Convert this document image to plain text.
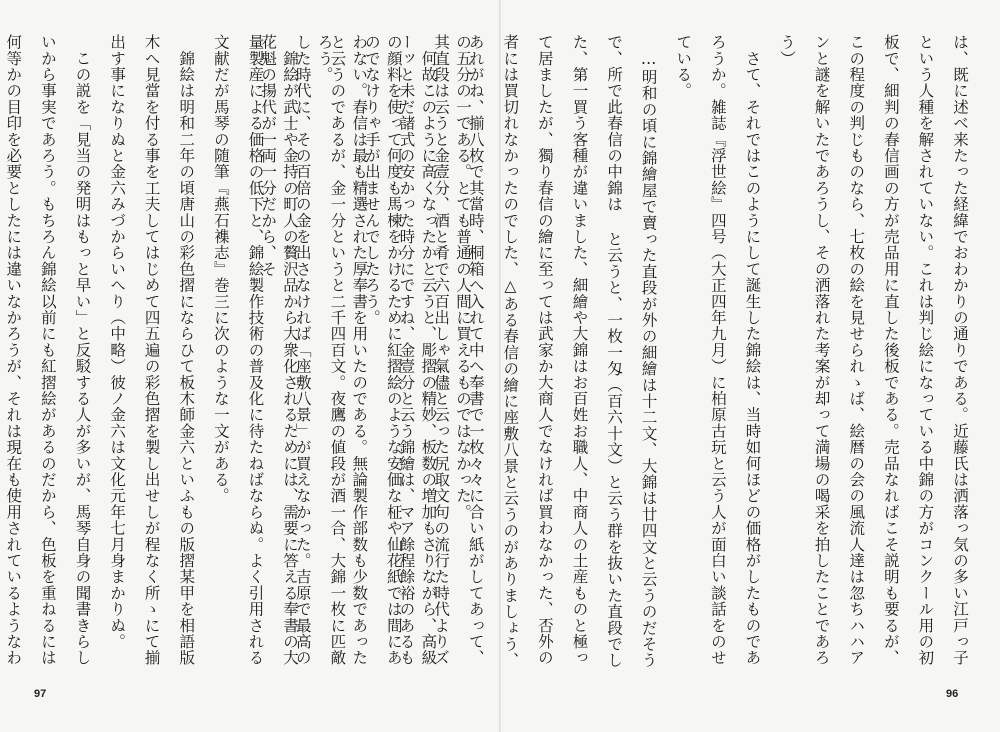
の五分の一である。とても普通の人間に買えるものではなかった。

　何故このように高くなったかと云うと、彫摺の精妙、板数の増加もさりながら、高級の顔料を使って何度も馬楝をかけるために紅摺絵のような安価な柾や仙花紙では間にあわない。春信は最も精選された厚奉書を用いたのである。無論製作部数も少数であったろう。

　錦絵が武士や金持の町人の贅沢品から大衆化されるためには、需要に答える奉書の大量製産による価格の低下と、錦絵製作技術の普及化に待たねばならぬ。よく引用される文献だが馬琴の随筆『燕石襍志』巻三に次のような一文がある。

　錦絵は明和二年の頃唐山の彩色摺にならひて板木師金六といふもの版摺某甲を相語版木へ見當を付る事を工夫してはじめて四五遍の彩色摺を製し出せしが程なく所ゝにて揃出す事になりぬと金六みづからいへり（中略）彼ノ金六は文化元年七月身まかりぬ。

　この説を「見当の発明はもっと早い」と反駁する人が多いが、馬琴自身の聞書きらしいから事実であろう。もちろん錦絵以前にも紅摺絵があるのだから、色板を重ねるには何等かの目印を必要としたには違いなかろうが、それは現在も使用されているようなわ

97

は、既に述べ来たった経緯でおわかりの通りである。近藤氏は洒落っ気の多い江戸っ子という人種を解されていない。これは判じ絵になっている中錦の方がコンクール用の初板で、細判の春信画の方が売品用に直した後板である。売品なればこそ説明も要るが、この程度の判じものなら、七枚の絵を見せられゝば、絵暦の会の風流人達は忽ちハハアンと謎を解いたであろうし、その洒落れた考案が却って満場の喝采を拍したことであろう）

　さて、それではこのようにして誕生した錦絵は、当時如何ほどの価格がしたものであろうか。雑誌『浮世絵』四号（大正四年九月）に柏原古玩と云う人が面白い談話をのせている。

　…明和の頃に錦繪屋で賣った直段が外の細繪は十二文、大錦は廿四文と云うのだそうで、所で此春信の中錦は と云うと、一枚一匁（百六十文）と云う群を抜いた直段でした、第一買う客種が違いました、細繪や大錦はお百姓お職人、中商人の土産ものと極って居ましたが、獨り春信の繪に至っては武家か大商人でなければ買わなかった、否外の者には買切れなかったのでした、△ある春信の繪に座敷八景と云うのがありましょう、あれがね、揃八枚で其當時、桐箱へ入れて中へ奉書で一枚々々に合い紙がしてあって、其直段は云うと金壹分、酒と肴で六百出しゃ氣儘と云った尻取文句の流行た時代よりズーッと未だ諸式の安かった時分にですね、金壹分と云う錦繪は、マア餘程餘裕のあるものでなけりゃ手が出ませんでしたろう。

と云うのであるが、金一分というと二千四百文。夜鷹の値段が酒一合、大錦一枚に匹敵した時代に、その百倍の金を出さなければ「座敷八景」が買えなかった。吉原で最高の花魁の揚代が一両一分だから、そ

96
